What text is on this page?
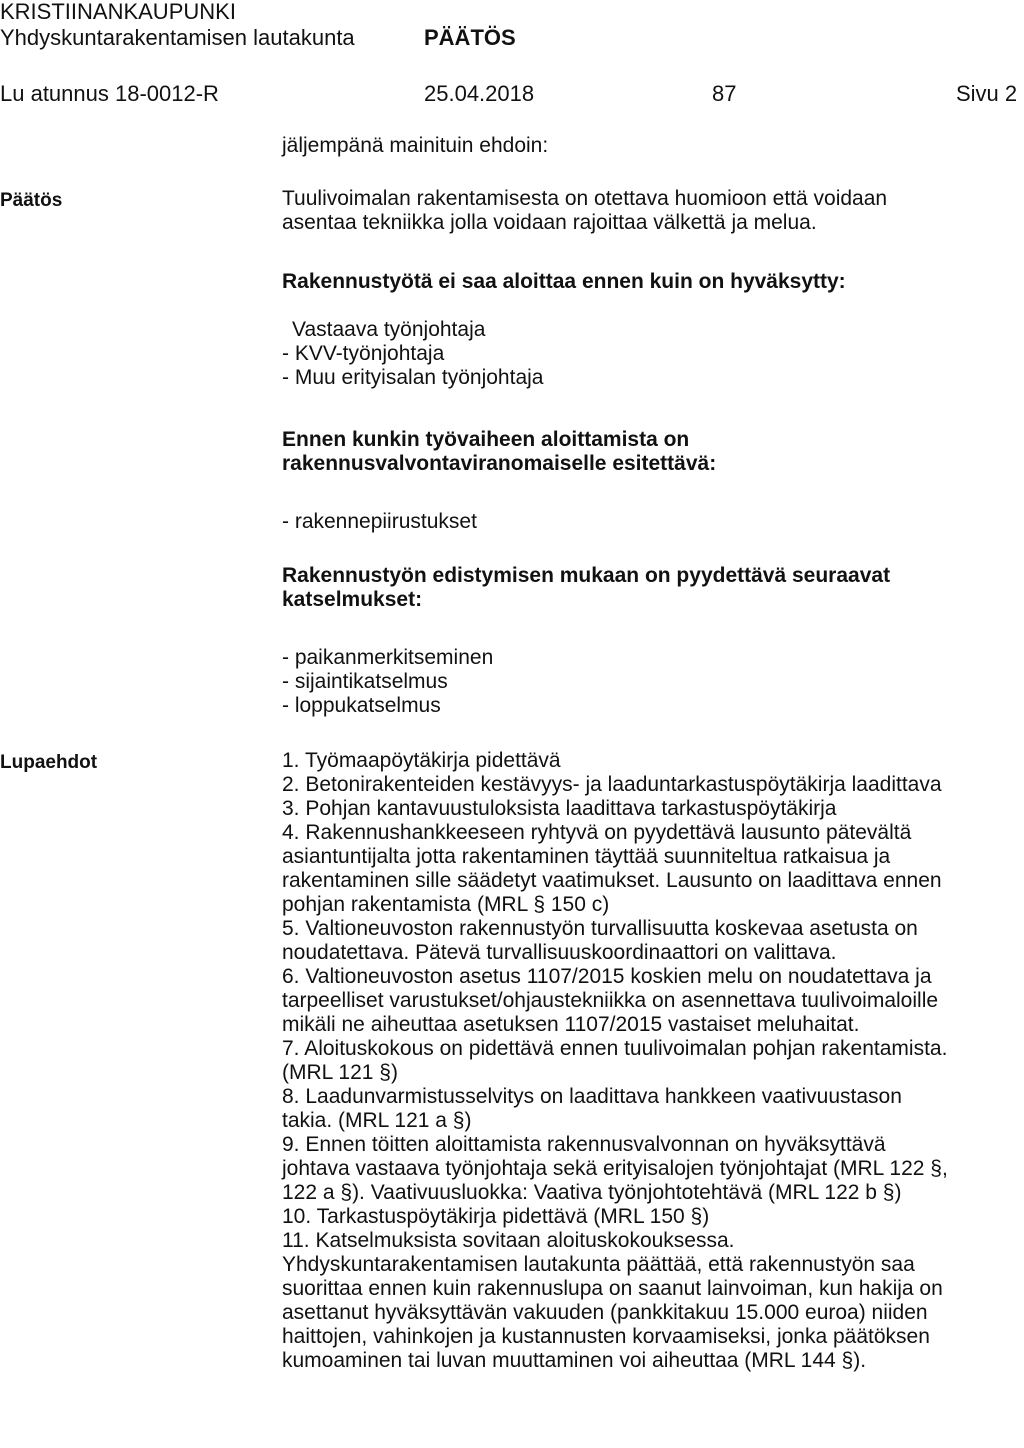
KRISTIINANKAUPUNKI
Yhdyskuntarakentamisen lautakunta	PÄÄTÖS
Lu atunnus 18-0012-R	25.04.2018	87	Sivu 2
jäljempänä mainituin ehdoin:
Päätös	Tuulivoimalan rakentamisesta on otettava huomioon että voidaan
asentaa tekniikka jolla voidaan rajoittaa välkettä ja melua.
Rakennustyötä ei saa aloittaa ennen kuin on hyväksytty:
Vastaava työnjohtaja
- KVV-työnjohtaja
- Muu erityisalan työnjohtaja
Ennen kunkin työvaiheen aloittamista on
rakennusvalvontaviranomaiselle esitettävä:
- rakennepiirustukset
Rakennustyön edistymisen mukaan on pyydettävä seuraavat
katselmukset:
- paikanmerkitseminen
- sijaintikatselmus
- loppukatselmus
Lupaehdot	1. Työmaapöytäkirja pidettävä
2. Betonirakenteiden kestävyys- ja laaduntarkastuspöytäkirja laadittava
3. Pohjan kantavuustuloksista laadittava tarkastuspöytäkirja
4. Rakennushankkeeseen ryhtyvä on pyydettävä lausunto pätevältä
asiantuntijalta jotta rakentaminen täyttää suunniteltua ratkaisua ja
rakentaminen sille säädetyt vaatimukset. Lausunto on laadittava ennen
pohjan rakentamista (MRL § 150 c)
5. Valtioneuvoston rakennustyön turvallisuutta koskevaa asetusta on
noudatettava. Pätevä turvallisuuskoordinaattori on valittava.
6. Valtioneuvoston asetus 1107/2015 koskien melu on noudatettava ja
tarpeelliset varustukset/ohjaustekniikka on asennettava tuulivoimaloille
mikäli ne aiheuttaa asetuksen 1107/2015 vastaiset meluhaitat.
7. Aloituskokous on pidettävä ennen tuulivoimalan pohjan rakentamista.
(MRL 121 §)
8. Laadunvarmistusselvitys on laadittava hankkeen vaativuustason
takia. (MRL 121 a §)
9. Ennen töitten aloittamista rakennusvalvonnan on hyväksyttävä
johtava vastaava työnjohtaja sekä erityisalojen työnjohtajat (MRL 122 §,
122 a §). Vaativuusluokka: Vaativa työnjohtotehtävä (MRL 122 b §)
10. Tarkastuspöytäkirja pidettävä (MRL 150 §)
11. Katselmuksista sovitaan aloituskokouksessa.
Yhdyskuntarakentamisen lautakunta päättää, että rakennustyön saa
suorittaa ennen kuin rakennuslupa on saanut lainvoiman, kun hakija on
asettanut hyväksyttävän vakuuden (pankkitakuu 15.000 euroa) niiden
haittojen, vahinkojen ja kustannusten korvaamiseksi, jonka päätöksen
kumoaminen tai luvan muuttaminen voi aiheuttaa (MRL 144 §).
